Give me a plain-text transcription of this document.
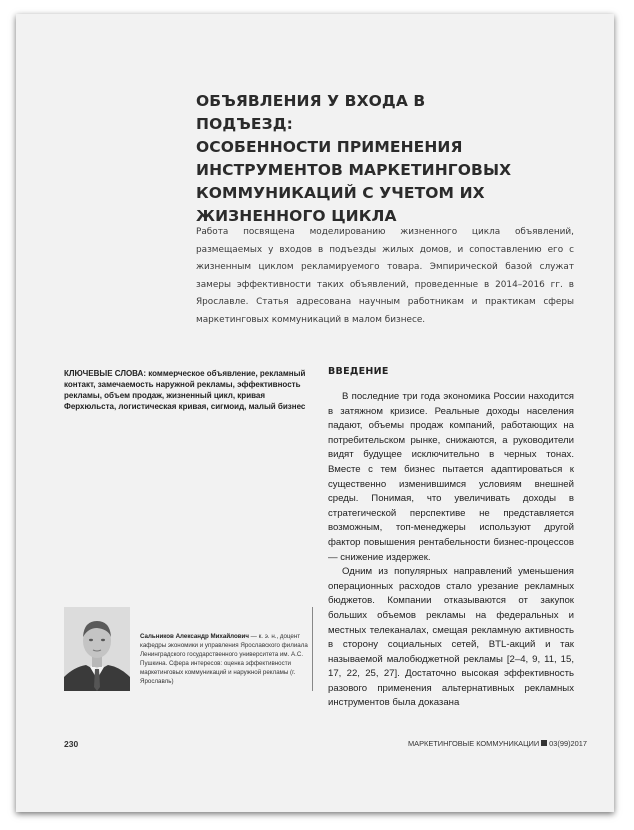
ОБЪЯВЛЕНИЯ У ВХОДА В ПОДЪЕЗД:
ОСОБЕННОСТИ ПРИМЕНЕНИЯ
ИНСТРУМЕНТОВ МАРКЕТИНГОВЫХ
КОММУНИКАЦИЙ С УЧЕТОМ ИХ
ЖИЗНЕННОГО ЦИКЛА
Работа посвящена моделированию жизненного цикла объявлений, размещаемых у входов в подъезды жилых домов, и сопоставлению его с жизненным циклом рекламируемого товара. Эмпирической базой служат замеры эффективности таких объявлений, проведенные в 2014–2016 гг. в Ярославле. Статья адресована научным работникам и практикам сферы маркетинговых коммуникаций в малом бизнесе.
КЛЮЧЕВЫЕ СЛОВА: коммерческое объявление, рекламный контакт, замечаемость наружной рекламы, эффективность рекламы, объем продаж, жизненный цикл, кривая Ферхюльста, логистическая кривая, сигмоид, малый бизнес
ВВЕДЕНИЕ

В последние три года экономика России находится в затяжном кризисе. Реальные доходы населения падают, объемы продаж компаний, работающих на потребительском рынке, снижаются, а руководители видят будущее исключительно в черных тонах. Вместе с тем бизнес пытается адаптироваться к существенно изменившимся условиям внешней среды. Понимая, что увеличивать доходы в стратегической перспективе не представляется возможным, топ-менеджеры используют другой фактор повышения рентабельности бизнес-процессов — снижение издержек.

Одним из популярных направлений уменьшения операционных расходов стало урезание рекламных бюджетов. Компании отказываются от закупок больших объемов рекламы на федеральных и местных телеканалах, смещая рекламную активность в сторону социальных сетей, BTL-акций и так называемой малобюджетной рекламы [2–4, 9, 11, 15, 17, 22, 25, 27]. Достаточно высокая эффективность разового применения альтернативных рекламных инструментов была доказана

Сальников Александр Михайлович — к. э. н., доцент кафедры экономики и управления Ярославского филиала Ленинградского государственного университета им. А.С. Пушкина. Сфера интересов: оценка эффективности маркетинговых коммуникаций и наружной рекламы (г. Ярославль)
230	МАРКЕТИНГОВЫЕ КОММУНИКАЦИИ 03(99)2017
